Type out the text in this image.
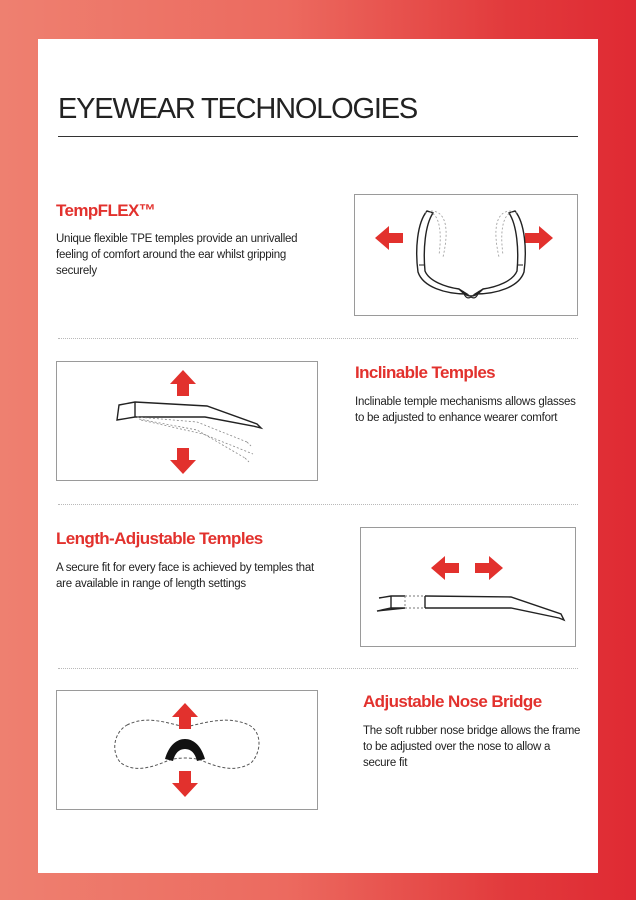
EYEWEAR TECHNOLOGIES
TempFLEX™
Unique flexible TPE temples provide an unrivalled feeling of comfort around the ear whilst gripping securely
Inclinable Temples
Inclinable temple mechanisms allows glasses to be adjusted to enhance wearer comfort
Length-Adjustable Temples
A secure fit for every face is achieved by temples that are available in range of length settings
Adjustable Nose Bridge
The soft rubber nose bridge allows the frame to be adjusted over the nose to allow a secure fit
